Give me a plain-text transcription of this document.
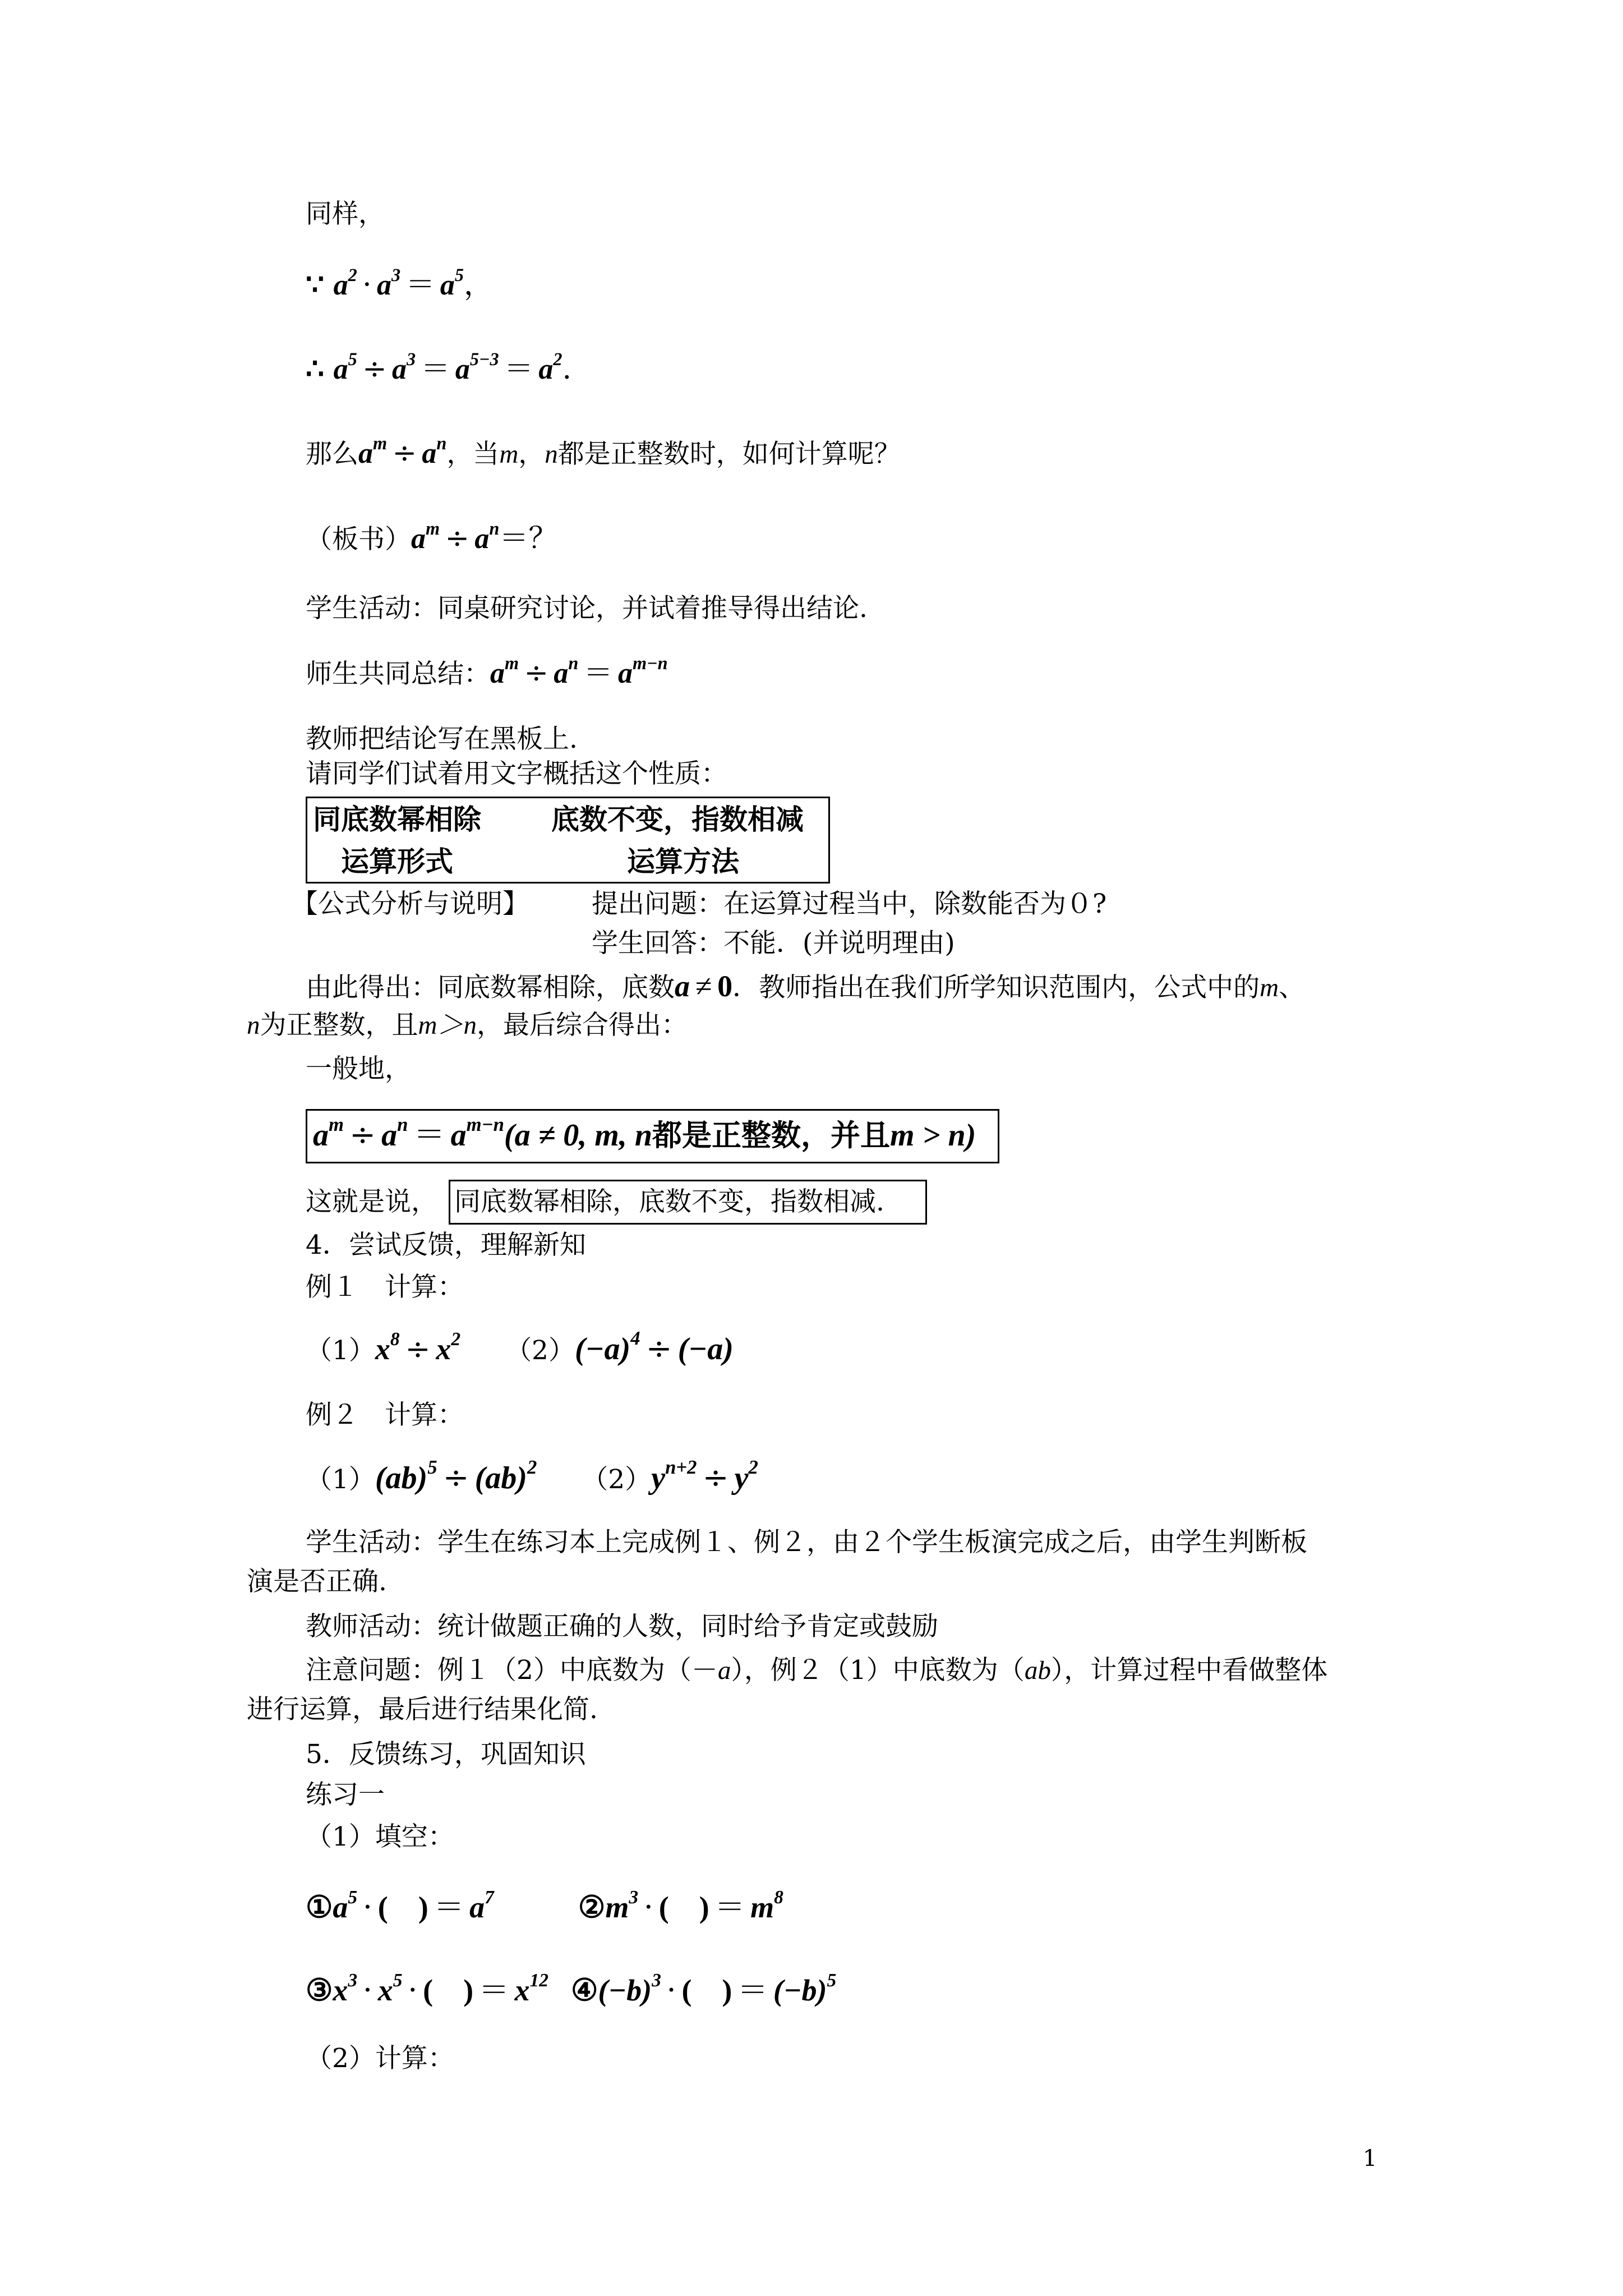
同样，
∵ $a^2 \cdot a^3 = a^5$，
∴ $a^5 \div a^3 = a^{5-3} = a^2$.
那么$a^m \div a^n$，当m，n都是正整数时，如何计算呢？
（板书）$a^m \div a^n=$？
学生活动：同桌研究讨论，并试着推导得出结论.
师生共同总结：$a^m \div a^n = a^{m-n}$
教师把结论写在黑板上.
请同学们试着用文字概括这个性质：
同底数幂相除	底数不变，指数相减
运算形式	运算方法
【公式分析与说明】 提出问题：在运算过程当中，除数能否为０?
学生回答：不能．(并说明理由)
由此得出：同底数幂相除，底数a ≠ 0．教师指出在我们所学知识范围内，公式中的m、
n为正整数，且m＞n，最后综合得出：
一般地，
$a^m \div a^n = a^{m-n}(a \ne 0$, m, n都是正整数，并且m > n)
这就是说， 同底数幂相除，底数不变，指数相减.
4．尝试反馈，理解新知
例１　计算：
$(1)x^8 \div x^2$ $(2)(-a)^4 \div (-a)$
例２　计算：
（1）(ab)$^5$ ÷ (ab)$^2$ $(2)y^{n+2} \div y^2$
学生活动：学生在练习本上完成例１、例２，由２个学生板演完成之后，由学生判断板
演是否正确.
教师活动：统计做题正确的人数，同时给予肯定或鼓励
注意问题：例１（2）中底数为（－a），例２（1）中底数为（ab），计算过程中看做整体
进行运算，最后进行结果化简.
5．反馈练习，巩固知识
练习一
（1）填空：
$①a^5$ · (    ) ＝ $a^7$	$②m^3$ · (    ) ＝ $m^8$
$③x^3 \cdot x^5$ · (    ) ＝ $x^{12}$ $④(-b)^3$ · (    ) ＝ $(-b)^5$
（2）计算：
1
